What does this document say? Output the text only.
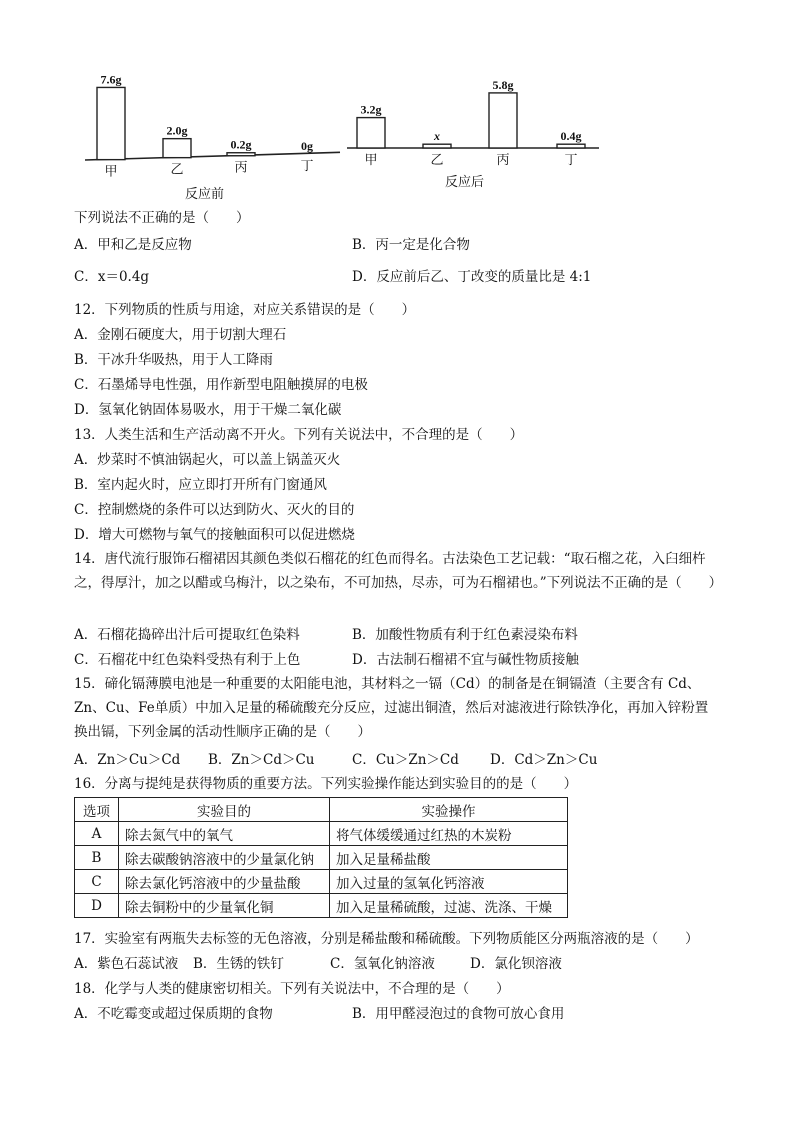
7.6g
甲
2.0g
乙
0.2g
丙
0g
丁
反应前
3.2g
甲
x
乙
5.8g
丙
0.4g
丁
反应后
下列说法不正确的是（　　）
A．甲和乙是反应物	B．丙一定是化合物
C．x＝0.4g	D．反应前后乙、丁改变的质量比是 4:1
12．下列物质的性质与用途，对应关系错误的是（　　）
A．金刚石硬度大，用于切割大理石
B．干冰升华吸热，用于人工降雨
C．石墨烯导电性强，用作新型电阻触摸屏的电极
D．氢氧化钠固体易吸水，用于干燥二氧化碳
13．人类生活和生产活动离不开火。下列有关说法中，不合理的是（　　）
A．炒菜时不慎油锅起火，可以盖上锅盖灭火
B．室内起火时，应立即打开所有门窗通风
C．控制燃烧的条件可以达到防火、灭火的目的
D．增大可燃物与氧气的接触面积可以促进燃烧
14．唐代流行服饰石榴裙因其颜色类似石榴花的红色而得名。古法染色工艺记载：“取石榴之花，入臼细杵之，得厚汁，加之以醋或乌梅汁，以之染布，不可加热，尽赤，可为石榴裙也。”下列说法不正确的是（　　）
A．石榴花捣碎出汁后可提取红色染料	B．加酸性物质有利于红色素浸染布料
C．石榴花中红色染料受热有利于上色	D．古法制石榴裙不宜与碱性物质接触
15．碲化镉薄膜电池是一种重要的太阳能电池，其材料之一镉（Cd）的制备是在铜镉渣（主要含有 Cd、Zn、Cu、Fe单质）中加入足量的稀硫酸充分反应，过滤出铜渣，然后对滤液进行除铁净化，再加入锌粉置换出镉，下列金属的活动性顺序正确的是（　　）
A．Zn＞Cu＞Cd B．Zn＞Cd＞Cu	C．Cu＞Zn＞Cd D．Cd＞Zn＞Cu
16．分离与提纯是获得物质的重要方法。下列实验操作能达到实验目的的是（　　）
选项	实验目的	实验操作
A	除去氮气中的氧气	将气体缓缓通过红热的木炭粉
B	除去碳酸钠溶液中的少量氯化钠	加入足量稀盐酸
C	除去氯化钙溶液中的少量盐酸	加入过量的氢氧化钙溶液
D	除去铜粉中的少量氧化铜	加入足量稀硫酸，过滤、洗涤、干燥
17．实验室有两瓶失去标签的无色溶液，分别是稀盐酸和稀硫酸。下列物质能区分两瓶溶液的是（　　）
A．紫色石蕊试液 B．生锈的铁钉	C．氢氧化钠溶液	D．氯化钡溶液
18．化学与人类的健康密切相关。下列有关说法中，不合理的是（　　）
A．不吃霉变或超过保质期的食物	B．用甲醛浸泡过的食物可放心食用
